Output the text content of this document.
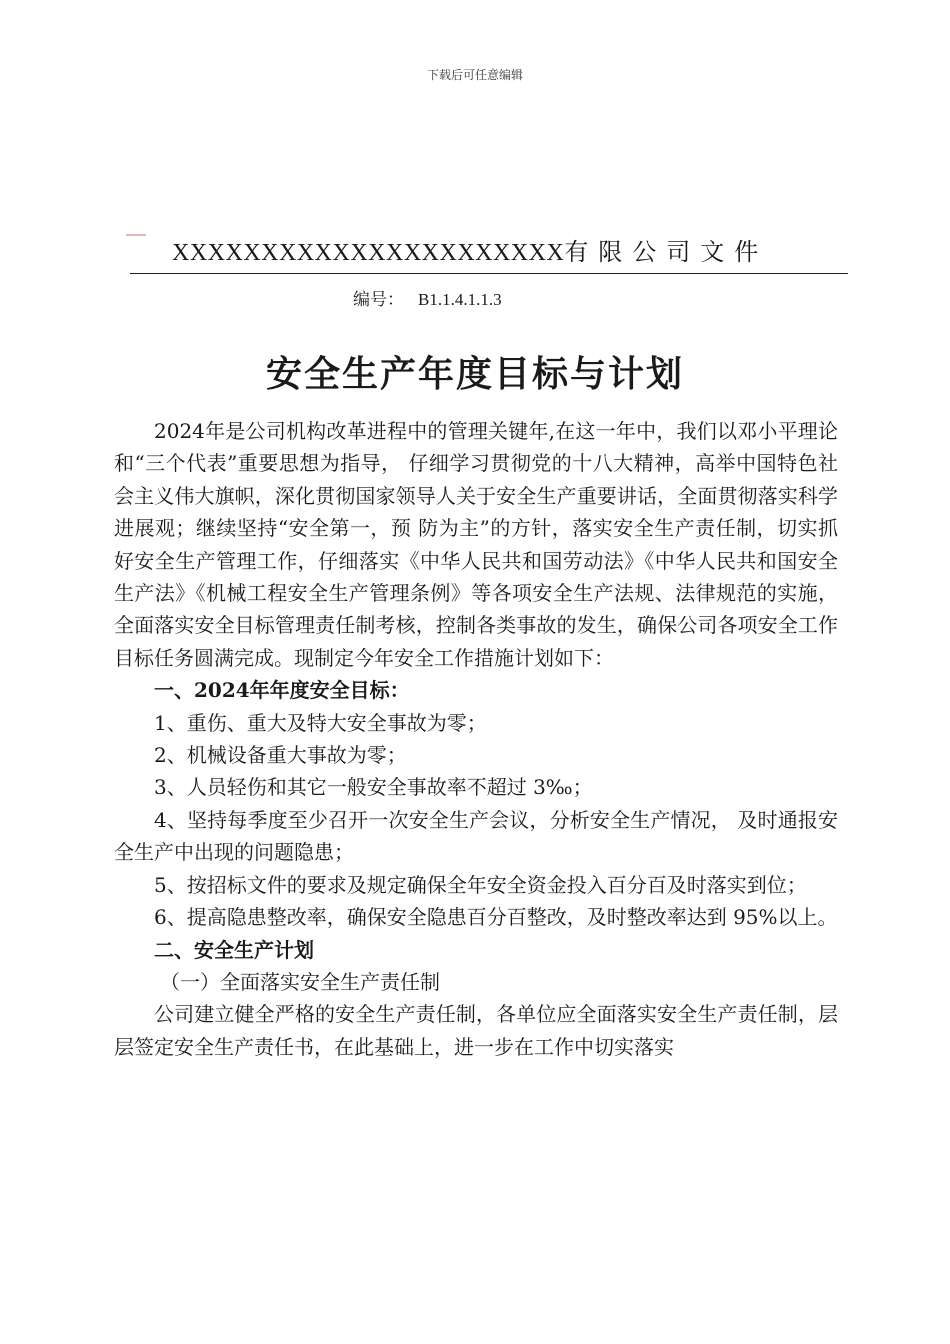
下载后可任意编辑
XXXXXXXXXXXXXXXXXXXXXX有限公司文件
编号： B1.1.4.1.1.3
安全生产年度目标与计划

2024年是公司机构改革进程中的管理关键年,在这一年中，我们以邓小平理论和“三个代表”重要思想为指导， 仔细学习贯彻党的十八大精神，高举中国特色社会主义伟大旗帜，深化贯彻国家领导人关于安全生产重要讲话，全面贯彻落实科学进展观；继续坚持“安全第一，预 防为主”的方针，落实安全生产责任制，切实抓好安全生产管理工作，仔细落实《中华人民共和国劳动法》《中华人民共和国安全生产法》《机械工程安全生产管理条例》等各项安全生产法规、法律规范的实施，全面落实安全目标管理责任制考核，控制各类事故的发生，确保公司各项安全工作目标任务圆满完成。现制定今年安全工作措施计划如下：

一、2024年年度安全目标：

1、重伤、重大及特大安全事故为零；

2、机械设备重大事故为零；

3、人员轻伤和其它一般安全事故率不超过 3‰；

4、坚持每季度至少召开一次安全生产会议，分析安全生产情况， 及时通报安全生产中出现的问题隐患；

5、按招标文件的要求及规定确保全年安全资金投入百分百及时落实到位；

6、提高隐患整改率，确保安全隐患百分百整改，及时整改率达到 95%以上。

二、安全生产计划

（一）全面落实安全生产责任制

公司建立健全严格的安全生产责任制，各单位应全面落实安全生产责任制，层层签定安全生产责任书，在此基础上，进一步在工作中切实落实
